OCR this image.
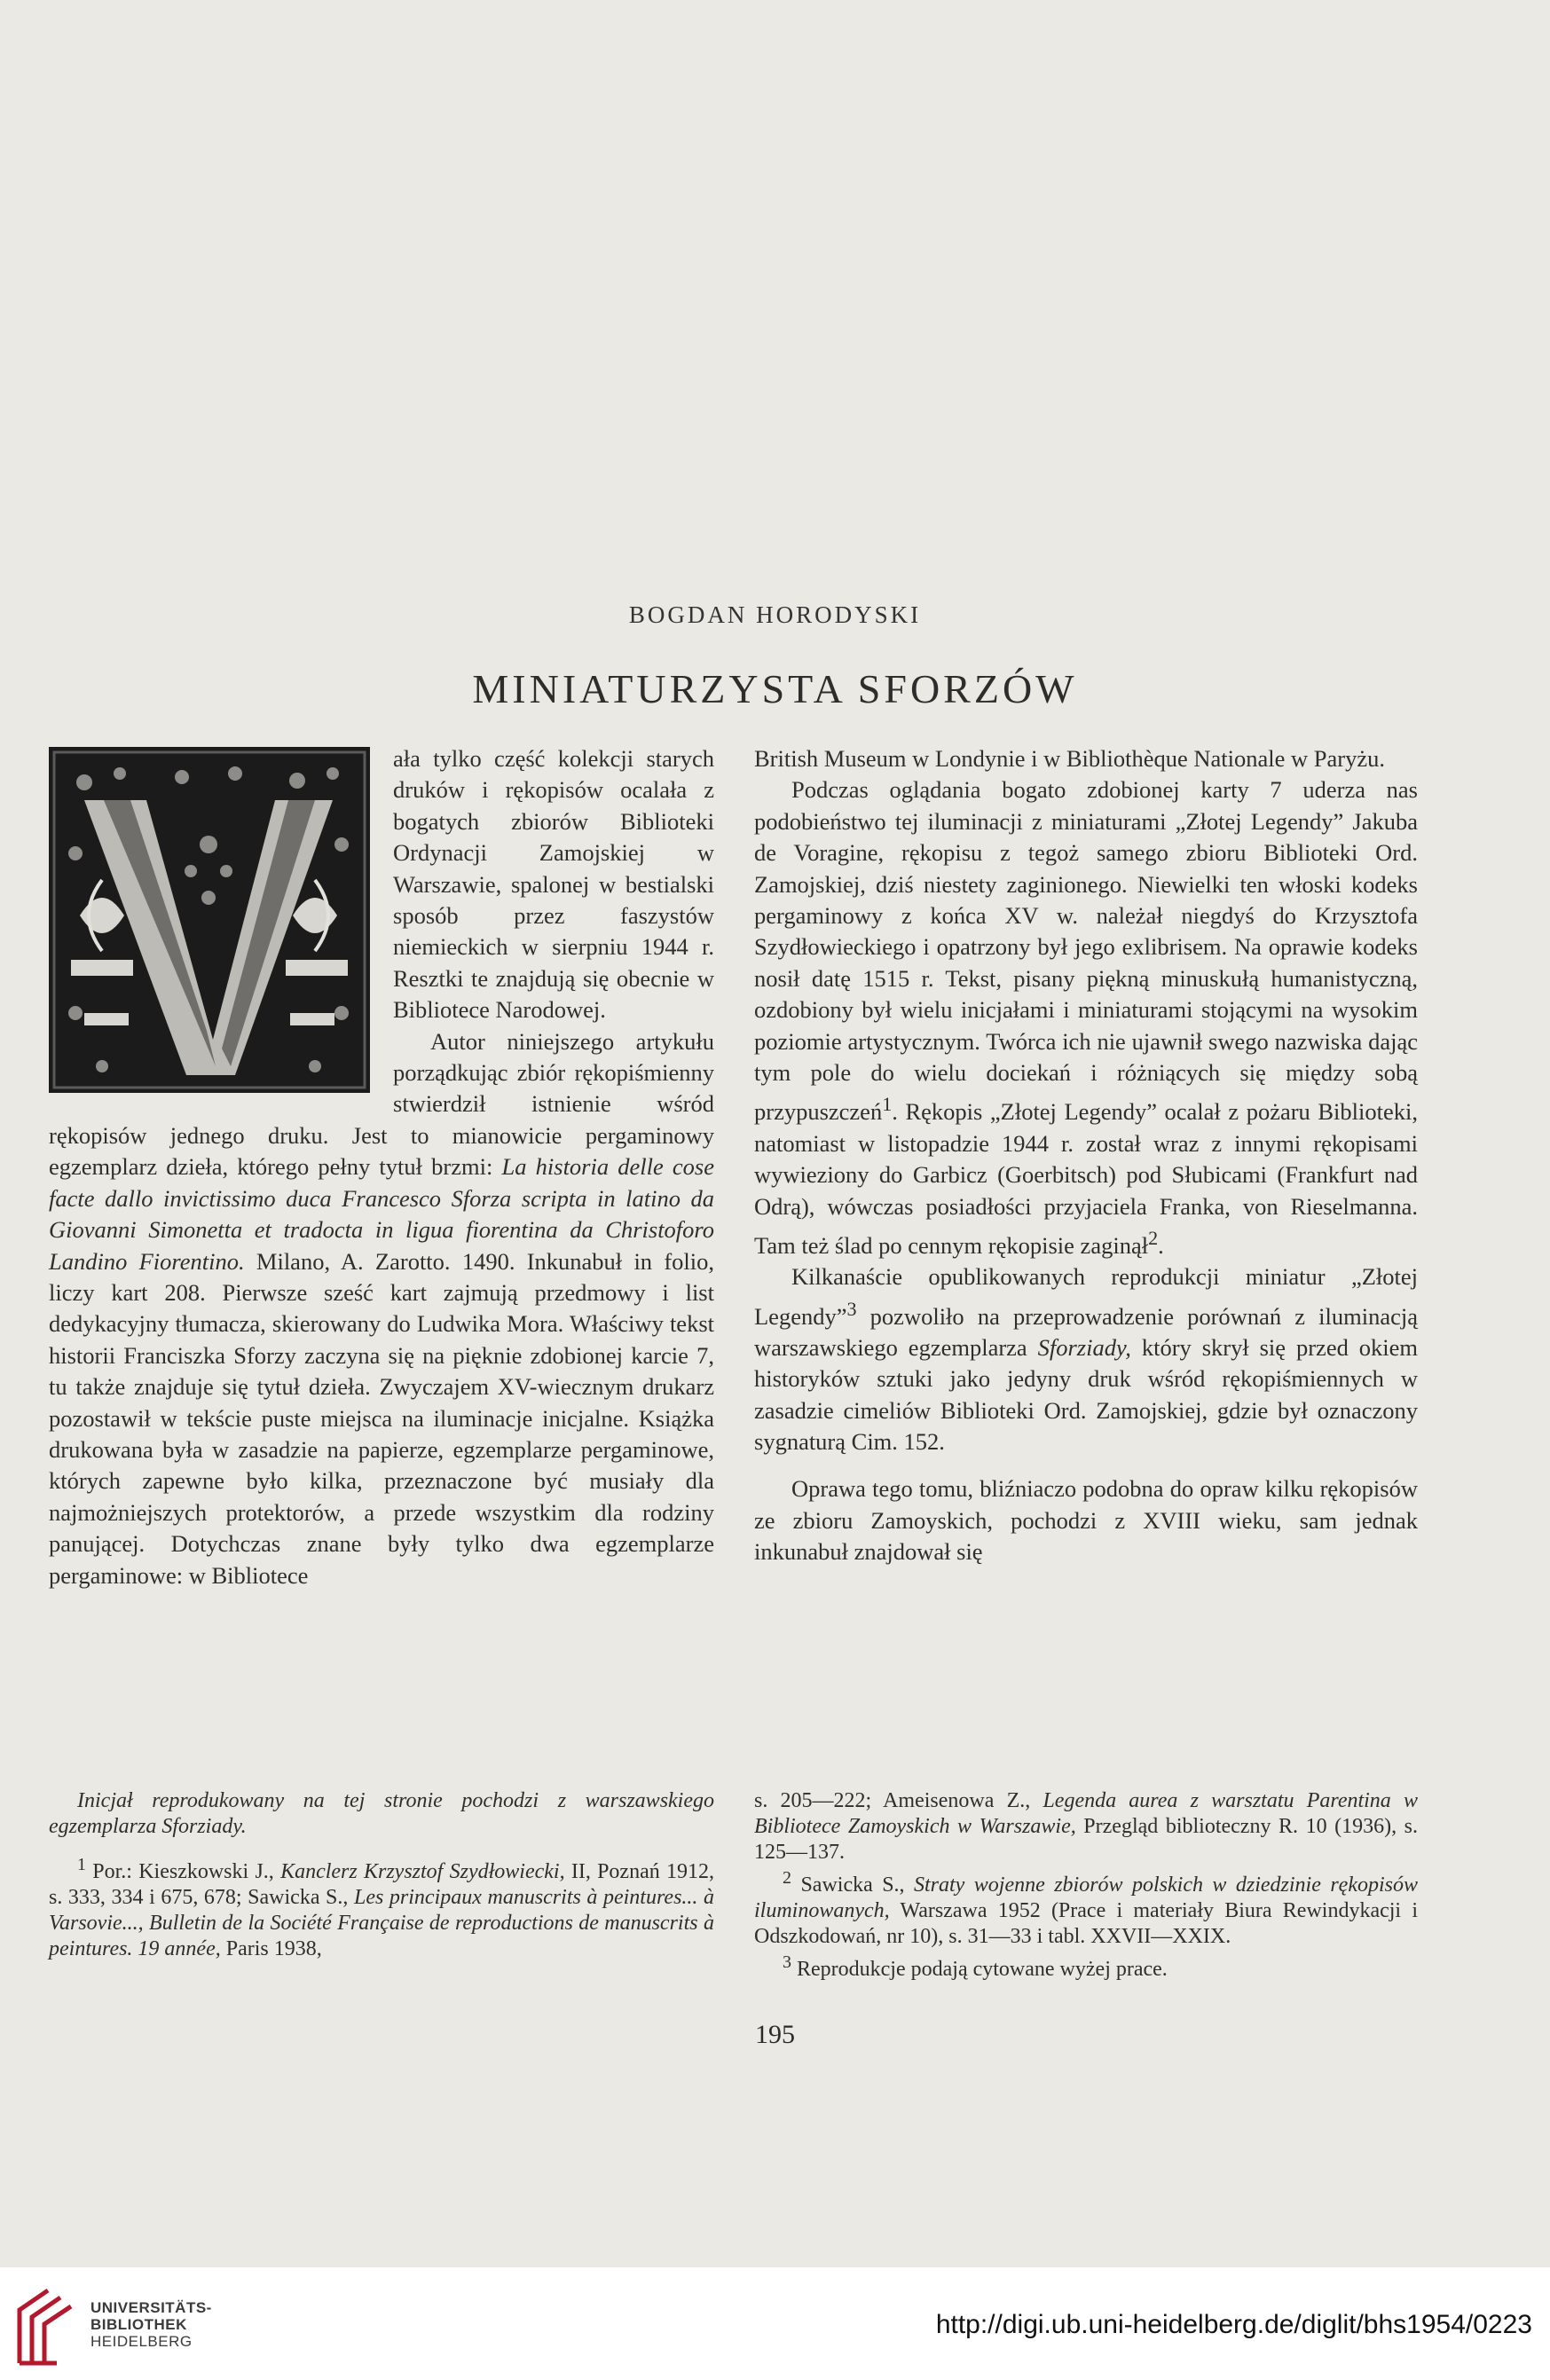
BOGDAN HORODYSKI
MINIATURZYSTA SFORZÓW

ała tylko część kolekcji starych druków i rękopisów ocalała z bogatych zbiorów Biblioteki Ordynacji Zamojskiej w Warszawie, spalonej w bestialski sposób przez faszystów niemieckich w sierpniu 1944 r. Resztki te znajdują się obecnie w Bibliotece Narodowej.

Autor niniejszego artykułu porządkując zbiór rękopiśmienny stwierdził istnienie wśród rękopisów jednego druku. Jest to mianowicie pergaminowy egzemplarz dzieła, którego pełny tytuł brzmi: La historia delle cose facte dallo invictissimo duca Francesco Sforza scripta in latino da Giovanni Simonetta et tradocta in ligua fiorentina da Christoforo Landino Fiorentino. Milano, A. Zarotto. 1490. Inkunabuł in folio, liczy kart 208. Pierwsze sześć kart zajmują przedmowy i list dedykacyjny tłumacza, skierowany do Ludwika Mora. Właściwy tekst historii Franciszka Sforzy zaczyna się na pięknie zdobionej karcie 7, tu także znajduje się tytuł dzieła. Zwyczajem XV-wiecznym drukarz pozostawił w tekście puste miejsca na iluminacje inicjalne. Książka drukowana była w zasadzie na papierze, egzemplarze pergaminowe, których zapewne było kilka, przeznaczone być musiały dla najmożniejszych protektorów, a przede wszystkim dla rodziny panującej. Dotychczas znane były tylko dwa egzemplarze pergaminowe: w Bibliotece

British Museum w Londynie i w Bibliothèque Nationale w Paryżu.

Podczas oglądania bogato zdobionej karty 7 uderza nas podobieństwo tej iluminacji z miniaturami „Złotej Legendy” Jakuba de Voragine, rękopisu z tegoż samego zbioru Biblioteki Ord. Zamojskiej, dziś niestety zaginionego. Niewielki ten włoski kodeks pergaminowy z końca XV w. należał niegdyś do Krzysztofa Szydłowieckiego i opatrzony był jego exlibrisem. Na oprawie kodeks nosił datę 1515 r. Tekst, pisany piękną minuskułą humanistyczną, ozdobiony był wielu inicjałami i miniaturami stojącymi na wysokim poziomie artystycznym. Twórca ich nie ujawnił swego nazwiska dając tym pole do wielu dociekań i różniących się między sobą przypuszczeń$^1$. Rękopis „Złotej Legendy” ocalał z pożaru Biblioteki, natomiast w listopadzie 1944 r. został wraz z innymi rękopisami wywieziony do Garbicz (Goerbitsch) pod Słubicami (Frankfurt nad Odrą), wówczas posiadłości przyjaciela Franka, von Rieselmanna. Tam też ślad po cennym rękopisie zaginął$^2$.

Kilkanaście opublikowanych reprodukcji miniatur „Złotej Legendy”$^3$ pozwoliło na przeprowadzenie porównań z iluminacją warszawskiego egzemplarza Sforziady, który skrył się przed okiem historyków sztuki jako jedyny druk wśród rękopiśmiennych w zasadzie cimeliów Biblioteki Ord. Zamojskiej, gdzie był oznaczony sygnaturą Cim. 152.

Oprawa tego tomu, bliźniaczo podobna do opraw kilku rękopisów ze zbioru Zamoyskich, pochodzi z XVIII wieku, sam jednak inkunabuł znajdował się

Inicjał reprodukowany na tej stronie pochodzi z warszawskiego egzemplarza Sforziady.

$^1$ Por.: Kieszkowski J., Kanclerz Krzysztof Szydłowiecki, II, Poznań 1912, s. 333, 334 i 675, 678; Sawicka S., Les principaux manuscrits à peintures... à Varsovie..., Bulletin de la Société Française de reproductions de manuscrits à peintures. 19 année, Paris 1938,

s. 205—222; Ameisenowa Z., Legenda aurea z warsztatu Parentina w Bibliotece Zamoyskich w Warszawie, Przegląd biblioteczny R. 10 (1936), s. 125—137.

$^2$ Sawicka S., Straty wojenne zbiorów polskich w dziedzinie rękopisów iluminowanych, Warszawa 1952 (Prace i materiały Biura Rewindykacji i Odszkodowań, nr 10), s. 31—33 i tabl. XXVII—XXIX.

$^3$ Reprodukcje podają cytowane wyżej prace.

195
UNIVERSITÄTS-
BIBLIOTHEK
HEIDELBERG
http://digi.ub.uni-heidelberg.de/diglit/bhs1954/0223
